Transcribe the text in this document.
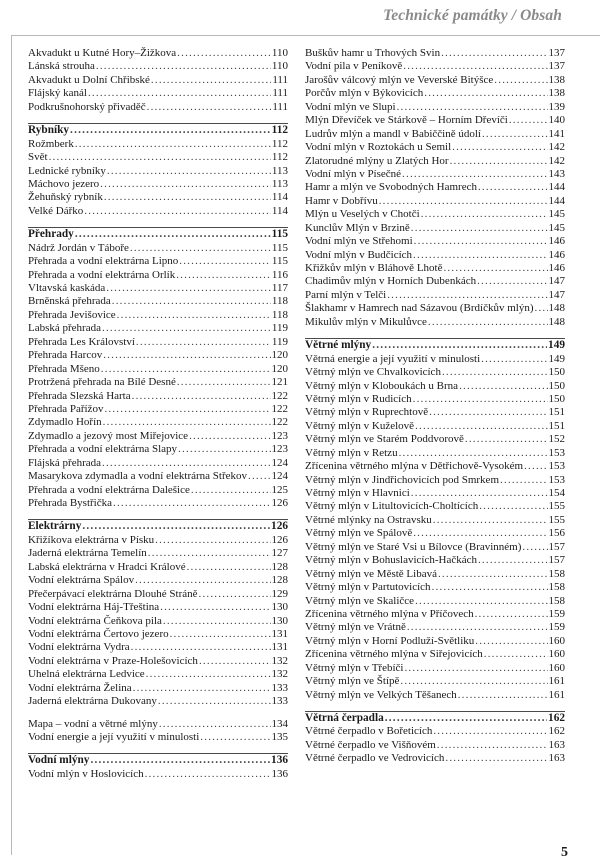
Technické památky / Obsah
Akvadukt u Kutné Hory–Žižkova .....	110
Lánská strouha .....	110
Akvadukt u Dolní Chřibské .....	111
Flájský kanál .....	111
Podkrušnohorský přivaděč .....	111
Rybníky .....	112
Rožmberk .....	112
Svět .....	112
Lednické rybníky .....	113
Máchovo jezero .....	113
Žehuňský rybník .....	114
Velké Dářko .....	114
Přehrady .....	115
Nádrž Jordán v Táboře .....	115
Přehrada a vodní elektrárna Lipno .....	115
Přehrada a vodní elektrárna Orlík .....	116
Vltavská kaskáda .....	117
Brněnská přehrada .....	118
Přehrada Jevišovice .....	118
Labská přehrada .....	119
Přehrada Les Království .....	119
Přehrada Harcov .....	120
Přehrada Mšeno .....	120
Protržená přehrada na Bílé Desné .....	121
Přehrada Slezská Harta .....	122
Přehrada Pařížov .....	122
Zdymadlo Hořín .....	122
Zdymadlo a jezový most Miřejovice .....	123
Přehrada a vodní elektrárna Slapy .....	123
Flájská přehrada .....	124
Masarykova zdymadla a vodní elektrárna Střekov ..... 124
Přehrada a vodní elektrárna Dalešice .....	125
Přehrada Bystřička .....	126
Elektrárny .....	126
Křižíkova elektrárna v Písku .....	126
Jaderná elektrárna Temelín .....	127
Labská elektrárna v Hradci Králové .....	128
Vodní elektrárna Spálov .....	128
Přečerpávací elektrárna Dlouhé Stráně .....	129
Vodní elektrárna Háj-Třeština .....	130
Vodní elektrárna Čeňkova pila .....	130
Vodní elektrárna Čertovo jezero .....	131
Vodní elektrárna Vydra .....	131
Vodní elektrárna v Praze-Holešovicích .....	132
Uhelná elektrárna Ledvice .....	132
Vodní elektrárna Želina .....	133
Jaderná elektrárna Dukovany .....	133
Mapa – vodní a větrné mlýny .....	134
Vodní energie a její využití v minulosti .....	135
Vodní mlýny .....	136
Vodní mlýn v Hoslovicích .....	136
Buškův hamr u Trhových Svin .....	137
Vodní pila v Peníkově .....	137
Jarošův válcový mlýn ve Veverské Bitýšce .....	138
Porčův mlýn v Býkovicích .....	138
Vodní mlýn ve Slupi .....	139
Mlýn Dřevíček ve Stárkově – Horním Dřevíči .....	140
Ludrův mlýn a mandl v Babiččině údolí .....	141
Vodní mlýn v Roztokách u Semil .....	142
Zlatorudné mlýny u Zlatých Hor .....	142
Vodní mlýn v Písečné .....	143
Hamr a mlýn ve Svobodných Hamrech .....	144
Hamr v Dobřívu .....	144
Mlýn u Veselých v Chotči .....	145
Kunclův Mlýn v Brzině .....	145
Vodní mlýn ve Střehomi .....	146
Vodní mlýn v Budčicích .....	146
Křižkův mlýn v Bláhově Lhotě .....	146
Chadimův mlýn v Horních Dubenkách .....	147
Parní mlýn v Telči .....	147
Šlakhamr v Hamrech nad Sázavou (Brdíčkův mlýn) ..... 148
Mikulův mlýn v Mikulůvce .....	148
Větrné mlýny .....	149
Větrná energie a její využití v minulosti .....	149
Větrný mlýn ve Chvalkovicích .....	150
Větrný mlýn v Kloboukách u Brna .....	150
Větrný mlýn v Rudicích .....	150
Větrný mlýn v Ruprechtově .....	151
Větrný mlýn v Kuželově .....	151
Větrný mlýn ve Starém Poddvorově .....	152
Větrný mlýn v Retzu .....	153
Zřícenina větrného mlýna v Dětřichově-Vysokém ..... 153
Větrný mlýn v Jindřichovicích pod Smrkem .....	153
Větrný mlýn v Hlavnici .....	154
Větrný mlýn v Litultovicích-Choltících .....	155
Větrné mlýnky na Ostravsku .....	155
Větrný mlýn ve Spálově .....	156
Větrný mlýn ve Staré Vsi u Bílovce (Bravinném) ..... 157
Větrný mlýn v Bohuslavicích-Hačkách .....	157
Větrný mlýn ve Městě Libavá .....	158
Větrný mlýn v Partutovicích .....	158
Větrný mlýn ve Skaličce .....	158
Zřícenina větrného mlýna v Příčovech .....	159
Větrný mlýn ve Vrátně .....	159
Větrný mlýn v Horní Podluží-Světliku .....	160
Zřícenina větrného mlýna v Siřejovicích .....	160
Větrný mlýn v Třebíči .....	160
Větrný mlýn ve Štípě .....	161
Větrný mlýn ve Velkých Těšanech .....	161
Větrná čerpadla .....	162
Větrné čerpadlo v Bořeticích .....	162
Větrné čerpadlo ve Višňovém .....	163
Větrné čerpadlo ve Vedrovicích .....	163
5
